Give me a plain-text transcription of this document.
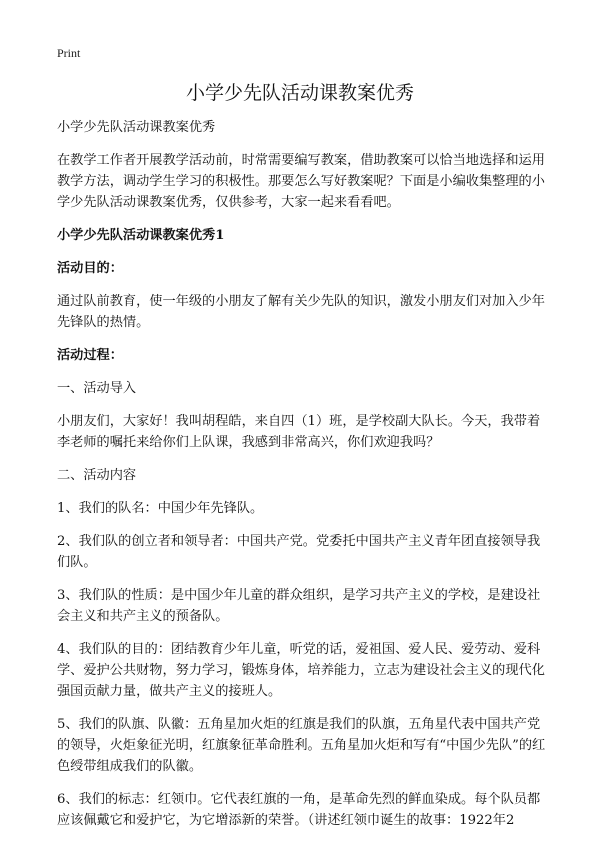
Print
小学少先队活动课教案优秀

小学少先队活动课教案优秀

在教学工作者开展教学活动前，时常需要编写教案，借助教案可以恰当地选择和运用教学方法，调动学生学习的积极性。那要怎么写好教案呢？下面是小编收集整理的小学少先队活动课教案优秀，仅供参考，大家一起来看看吧。

小学少先队活动课教案优秀1

活动目的：

通过队前教育，使一年级的小朋友了解有关少先队的知识，激发小朋友们对加入少年先锋队的热情。

活动过程：

一、活动导入

小朋友们，大家好！我叫胡程皓，来自四（1）班，是学校副大队长。今天，我带着李老师的嘱托来给你们上队课，我感到非常高兴，你们欢迎我吗？

二、活动内容

1、我们的队名：中国少年先锋队。

2、我们队的创立者和领导者：中国共产党。党委托中国共产主义青年团直接领导我们队。

3、我们队的性质：是中国少年儿童的群众组织，是学习共产主义的学校，是建设社会主义和共产主义的预备队。

4、我们队的目的：团结教育少年儿童，听党的话，爱祖国、爱人民、爱劳动、爱科学、爱护公共财物，努力学习，锻炼身体，培养能力，立志为建设社会主义的现代化强国贡献力量，做共产主义的接班人。

5、我们的队旗、队徽：五角星加火炬的红旗是我们的队旗，五角星代表中国共产党的领导，火炬象征光明，红旗象征革命胜利。五角星加火炬和写有“中国少先队”的红色绶带组成我们的队徽。

6、我们的标志：红领巾。它代表红旗的一角，是革命先烈的鲜血染成。每个队员都应该佩戴它和爱护它，为它增添新的荣誉。（讲述红领巾诞生的故事：1922年2
